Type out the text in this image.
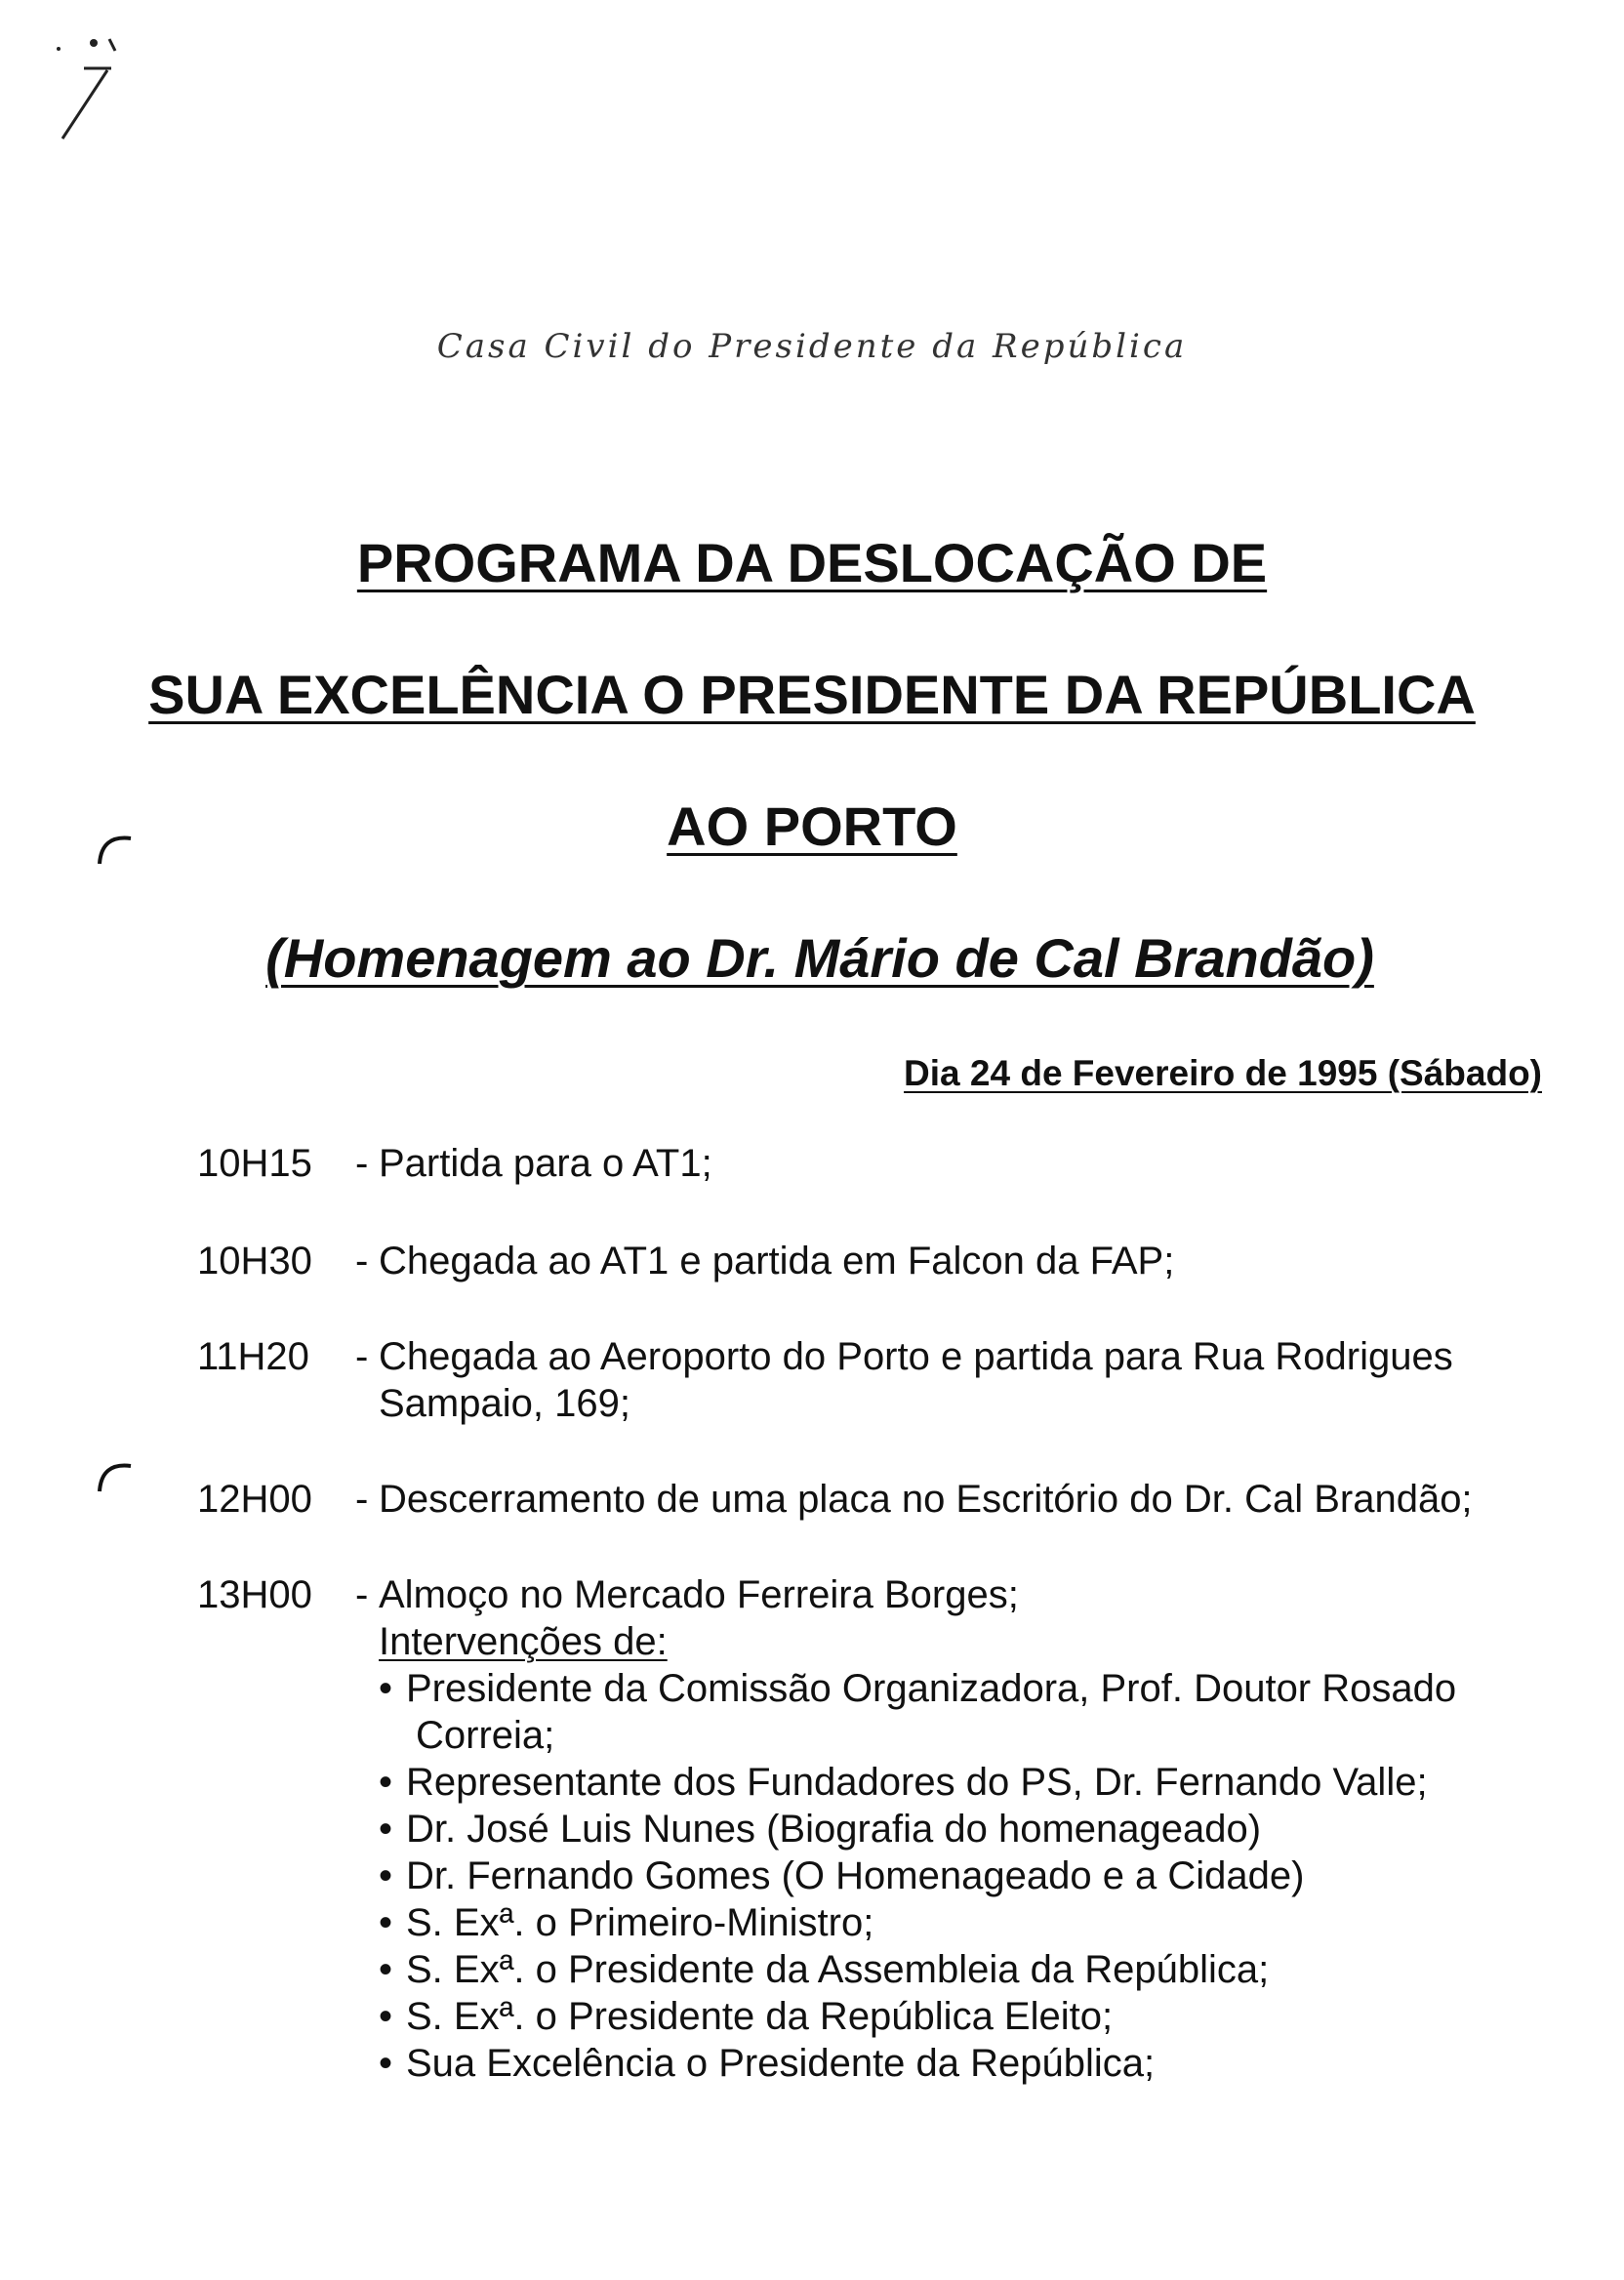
Casa Civil do Presidente da República
PROGRAMA DA DESLOCAÇÃO DE
SUA EXCELÊNCIA O PRESIDENTE DA REPÚBLICA
AO PORTO
(Homenagem ao Dr. Mário de Cal Brandão)
Dia 24 de Fevereiro de 1995 (Sábado)
10H15	- Partida para o AT1;
10H30	- Chegada ao AT1 e partida em Falcon da FAP;
11H20	- Chegada ao Aeroporto do Porto e partida para Rua Rodrigues Sampaio, 169;
12H00	- Descerramento de uma placa no Escritório do Dr. Cal Brandão;
13H00	- Almoço no Mercado Ferreira Borges;
Intervenções de:
• Presidente da Comissão Organizadora, Prof. Doutor Rosado
Correia;
• Representante dos Fundadores do PS, Dr. Fernando Valle;
• Dr. José Luis Nunes (Biografia do homenageado)
• Dr. Fernando Gomes (O Homenageado e a Cidade)
• S. Exª. o Primeiro-Ministro;
• S. Exª. o Presidente da Assembleia da República;
• S. Exª. o Presidente da República Eleito;
• Sua Excelência o Presidente da República;
